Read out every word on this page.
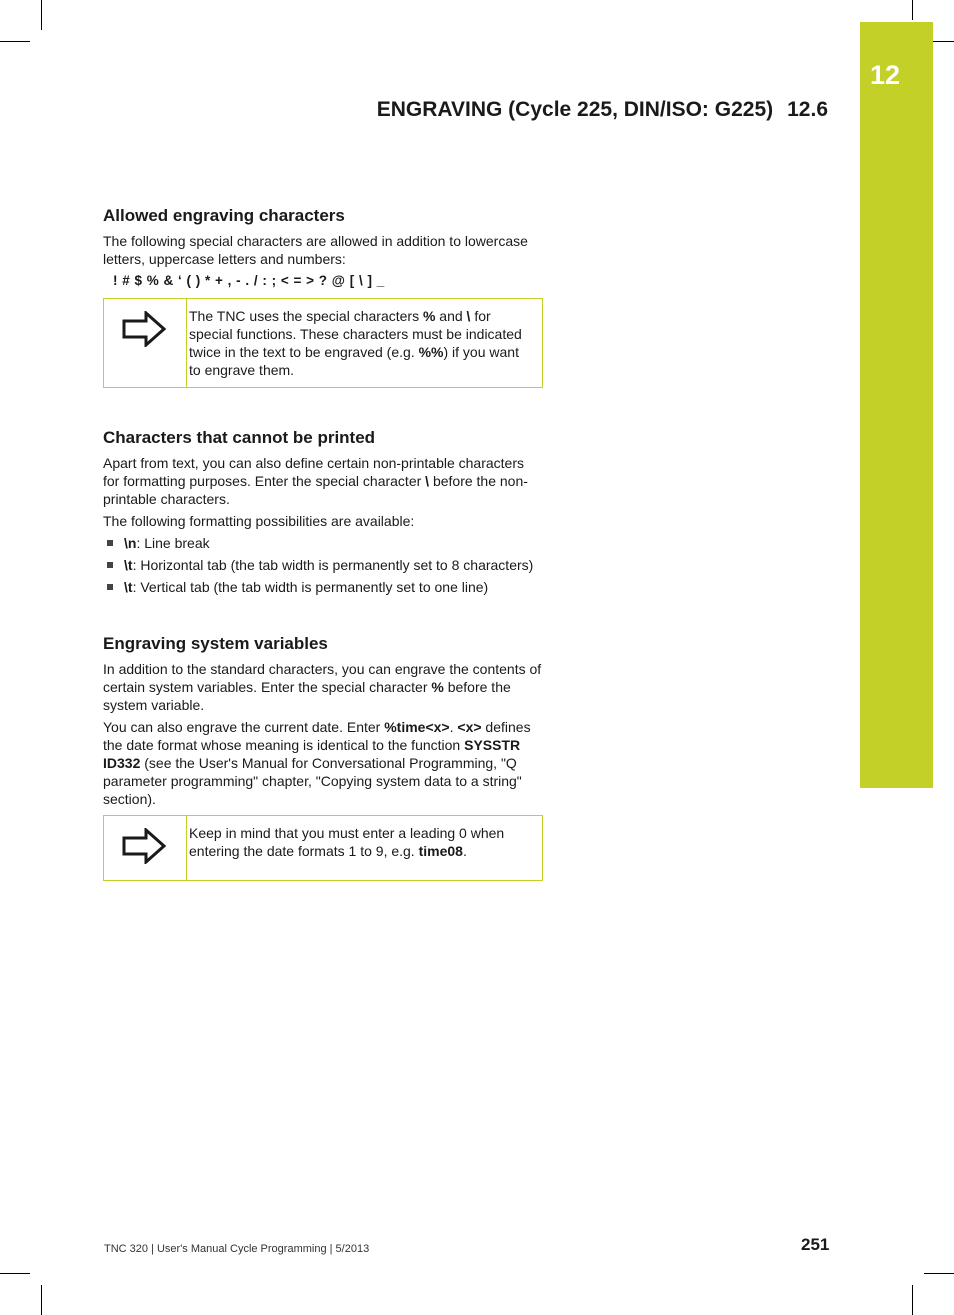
12
ENGRAVING (Cycle 225, DIN/ISO: G225) 12.6
Allowed engraving characters

The following special characters are allowed in addition to lowercase letters, uppercase letters and numbers:

! # $ % & ‘ ( ) * + , - . / : ; < = > ? @ [ \ ] _

The TNC uses the special characters % and \ for special functions. These characters must be indicated twice in the text to be engraved (e.g. %%) if you want to engrave them.
Characters that cannot be printed

Apart from text, you can also define certain non-printable characters for formatting purposes. Enter the special character \ before the non-printable characters.

The following formatting possibilities are available:

\n: Line break
\t: Horizontal tab (the tab width is permanently set to 8 characters)
\t: Vertical tab (the tab width is permanently set to one line)
Engraving system variables

In addition to the standard characters, you can engrave the contents of certain system variables. Enter the special character % before the system variable.

You can also engrave the current date. Enter %time<x>. <x> defines the date format whose meaning is identical to the function SYSSTR ID332 (see the User's Manual for Conversational Programming, "Q parameter programming" chapter, "Copying system data to a string" section).

Keep in mind that you must enter a leading 0 when entering the date formats 1 to 9, e.g. time08.
TNC 320 | User's Manual Cycle Programming | 5/2013	251
